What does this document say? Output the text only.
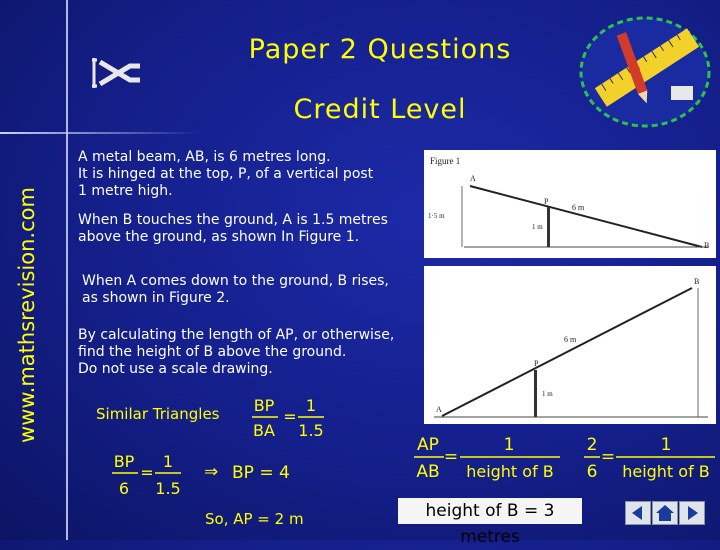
Paper 2 Questions
Credit Level
www.mathsrevision.com
A metal beam, AB, is 6 metres long.
It is hinged at the top, P, of a vertical post
1 metre high.
When B touches the ground, A is 1.5 metres
above the ground, as shown In Figure 1.
When A comes down to the ground, B rises,
as shown in Figure 2.
By calculating the length of AP, or otherwise,
find the height of B above the ground.
Do not use a scale drawing.
Figure 1
A
P
B
6 m
1·5 m
1 m
A
P
B
6 m
1 m
Similar Triangles BP
BA
=
1
1.5
BP
6
=
1
1.5
⇒ BP = 4
So, AP = 2 m
AP
AB
=
1
height of B
2
6
=
1
height of B
height of B = 3 metres
